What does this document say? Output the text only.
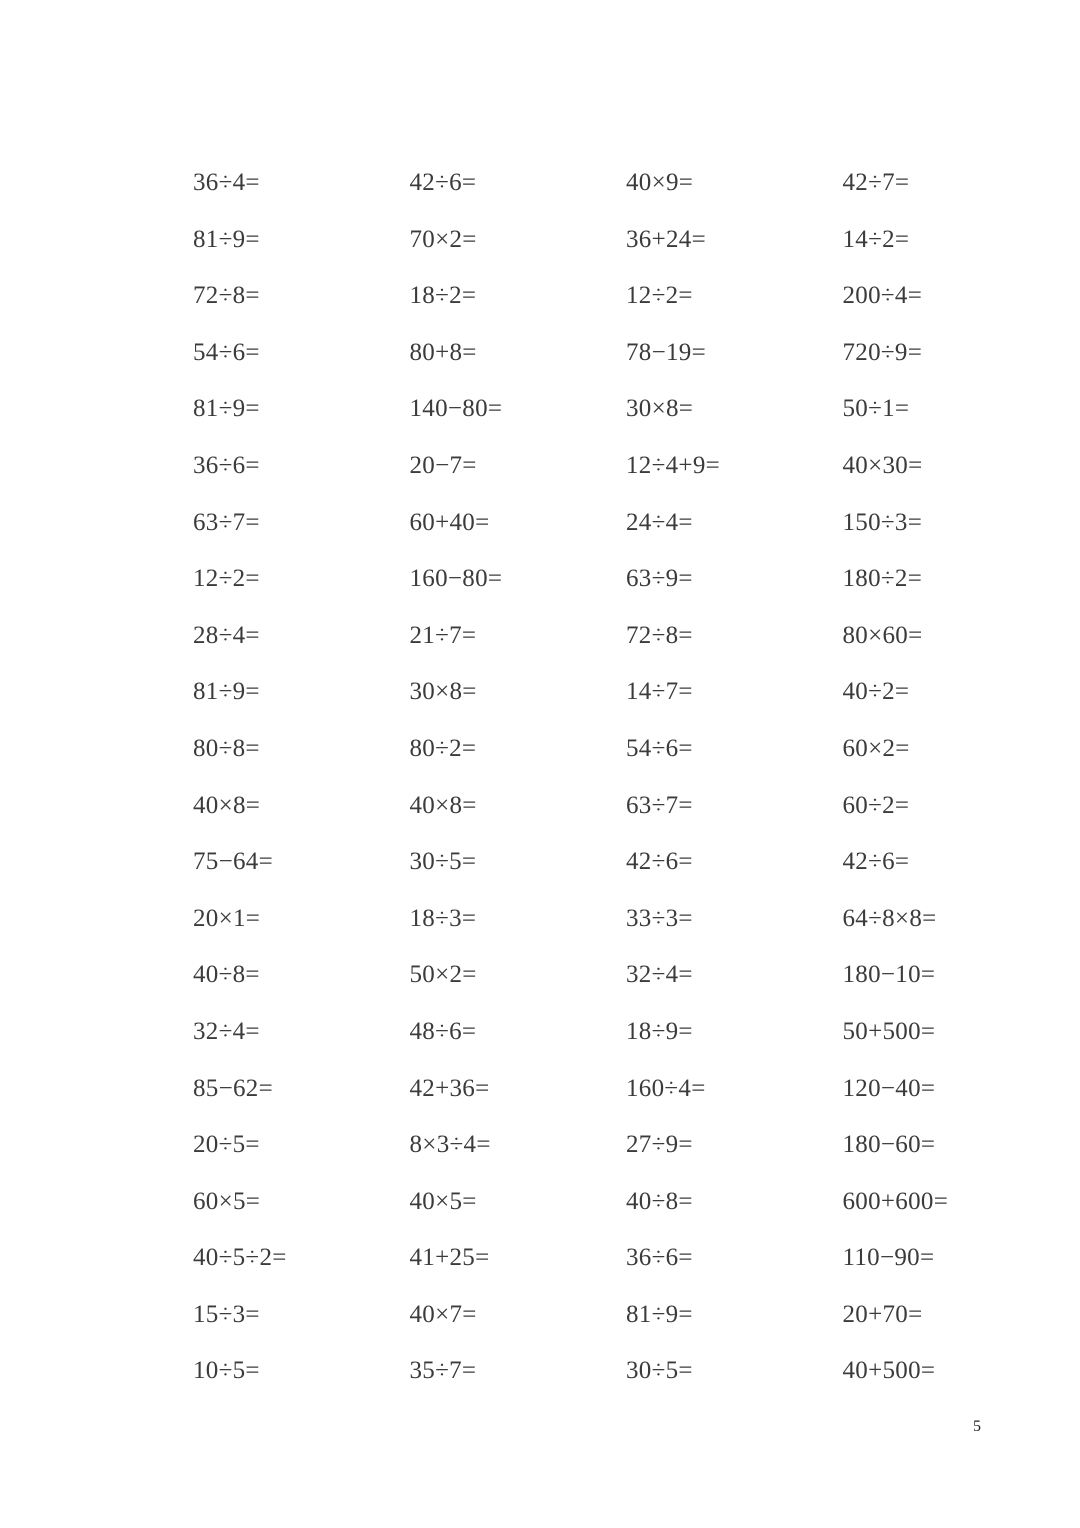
36÷4=	42÷6=	40×9=	42÷7=
81÷9=	70×2=	36+24=	14÷2=
72÷8=	18÷2=	12÷2=	200÷4=
54÷6=	80+8=	78−19=	720÷9=
81÷9=	140−80=	30×8=	50÷1=
36÷6=	20−7=	12÷4+9=	40×30=
63÷7=	60+40=	24÷4=	150÷3=
12÷2=	160−80=	63÷9=	180÷2=
28÷4=	21÷7=	72÷8=	80×60=
81÷9=	30×8=	14÷7=	40÷2=
80÷8=	80÷2=	54÷6=	60×2=
40×8=	40×8=	63÷7=	60÷2=
75−64=	30÷5=	42÷6=	42÷6=
20×1=	18÷3=	33÷3=	64÷8×8=
40÷8=	50×2=	32÷4=	180−10=
32÷4=	48÷6=	18÷9=	50+500=
85−62=	42+36=	160÷4=	120−40=
20÷5=	8×3÷4=	27÷9=	180−60=
60×5=	40×5=	40÷8=	600+600=
40÷5÷2=	41+25=	36÷6=	110−90=
15÷3=	40×7=	81÷9=	20+70=
10÷5=	35÷7=	30÷5=	40+500=
5
